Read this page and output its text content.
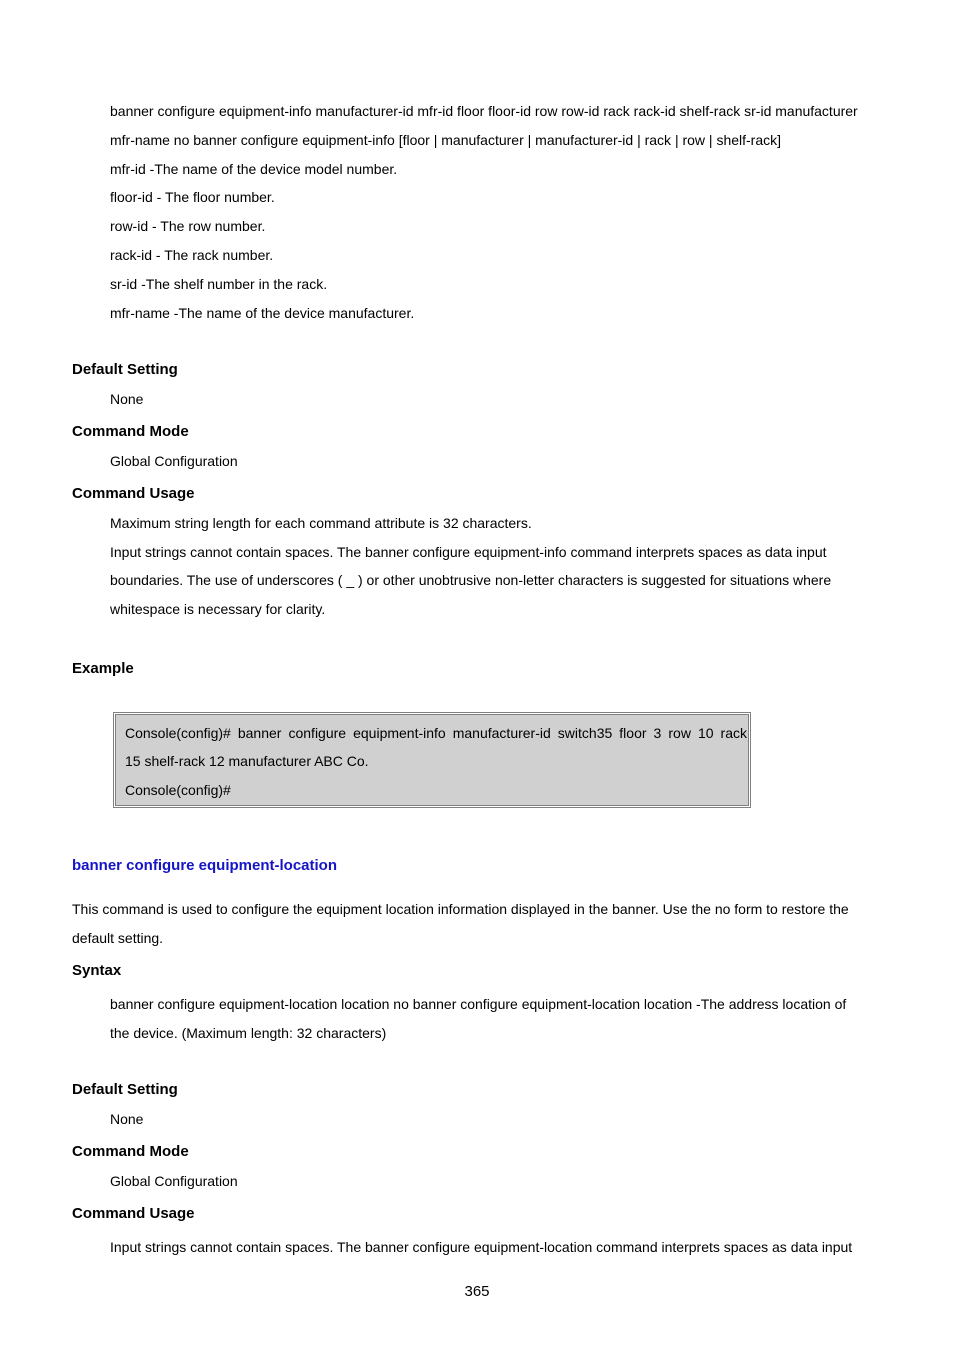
banner configure equipment-info manufacturer-id mfr-id floor floor-id row row-id rack rack-id shelf-rack sr-id manufacturer
mfr-name no banner configure equipment-info [floor | manufacturer | manufacturer-id | rack | row | shelf-rack]
mfr-id -The name of the device model number.
floor-id - The floor number.
row-id - The row number.
rack-id - The rack number.
sr-id -The shelf number in the rack.
mfr-name -The name of the device manufacturer.
Default Setting
None
Command Mode
Global Configuration
Command Usage
Maximum string length for each command attribute is 32 characters.
Input strings cannot contain spaces. The banner configure equipment-info command interprets spaces as data input
boundaries. The use of underscores ( _ ) or other unobtrusive non-letter characters is suggested for situations where
whitespace is necessary for clarity.
Example
Console(config)# banner configure equipment-info manufacturer-id switch35 floor 3 row 10 rack
15 shelf-rack 12 manufacturer ABC Co.
Console(config)#
banner configure equipment-location
This command is used to configure the equipment location information displayed in the banner. Use the no form to restore the
default setting.
Syntax
banner configure equipment-location location no banner configure equipment-location location -The address location of
the device. (Maximum length: 32 characters)
Default Setting
None
Command Mode
Global Configuration
Command Usage
Input strings cannot contain spaces. The banner configure equipment-location command interprets spaces as data input
365
